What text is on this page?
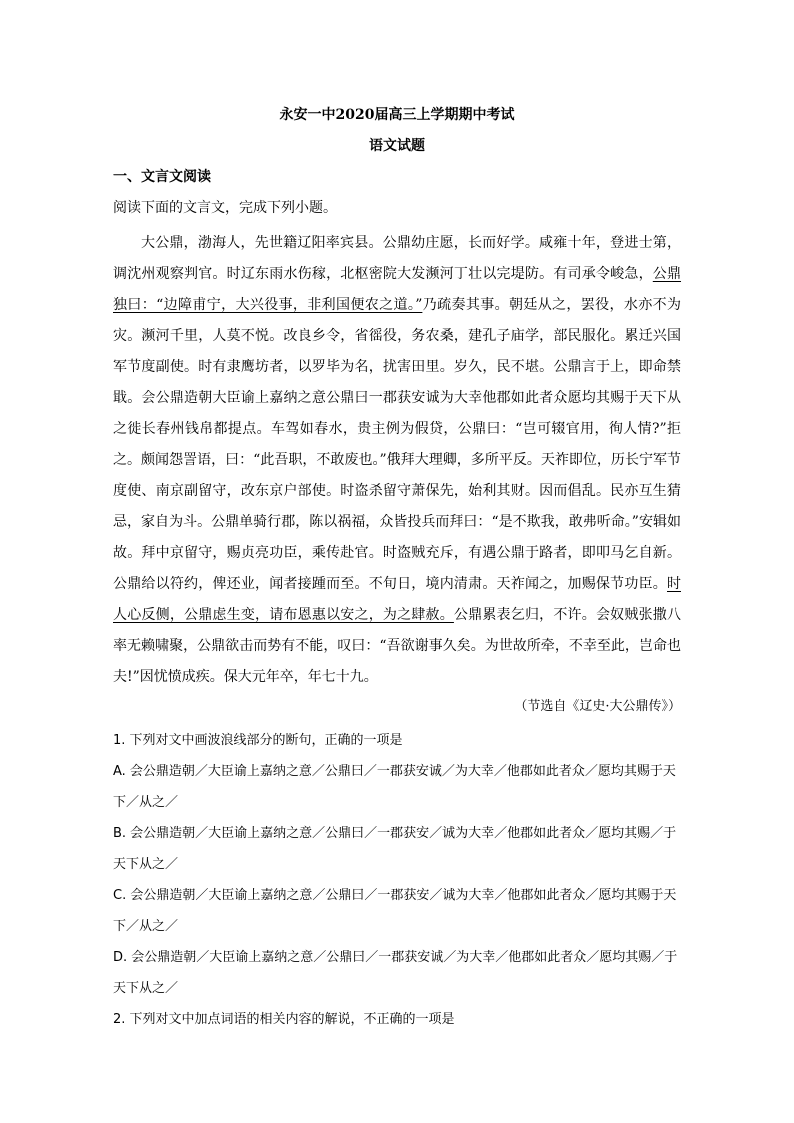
永安一中2020届高三上学期期中考试
语文试题
一、文言文阅读
阅读下面的文言文，完成下列小题。
大公鼎，渤海人，先世籍辽阳率宾县。公鼎幼庄愿，长而好学。咸雍十年，登进士第，调沈州观察判官。时辽东雨水伤稼，北枢密院大发濒河丁壮以完堤防。有司承令峻急，公鼎独曰：“边障甫宁，大兴役事，非利国便农之道。”乃疏奏其事。朝廷从之，罢役，水亦不为灾。濒河千里，人莫不悦。改良乡令，省徭役，务农桑，建孔子庙学，部民服化。累迁兴国军节度副使。时有隶鹰坊者，以罗毕为名，扰害田里。岁久，民不堪。公鼎言于上，即命禁戢。会公鼎造朝大臣谕上嘉纳之意公鼎曰一郡获安诚为大幸他郡如此者众愿均其赐于天下从之徙长春州钱帛都提点。车驾如春水，贵主例为假贷，公鼎曰：“岂可辍官用，徇人情?”拒之。颇闻怨詈语，曰：“此吾职，不敢废也。”俄拜大理卿，多所平反。天祚即位，历长宁军节度使、南京副留守，改东京户部使。时盗杀留守萧保先，始利其财。因而倡乱。民亦互生猜忌，家自为斗。公鼎单骑行郡，陈以祸福，众皆投兵而拜曰：“是不欺我，敢弗听命。”安辑如故。拜中京留守，赐贞亮功臣，乘传赴官。时盗贼充斥，有遇公鼎于路者，即叩马乞自新。公鼎给以符约，俾还业，闻者接踵而至。不旬日，境内清肃。天祚闻之，加赐保节功臣。时人心反侧，公鼎虑生变，请布恩惠以安之，为之肆赦。公鼎累表乞归，不许。会奴贼张撒八率无赖啸聚，公鼎欲击而势有不能，叹曰：“吾欲谢事久矣。为世故所牵，不幸至此，岂命也夫!”因忧愤成疾。保大元年卒，年七十九。
（节选自《辽史·大公鼎传》）
1. 下列对文中画波浪线部分的断句，正确的一项是
A. 会公鼎造朝／大臣谕上嘉纳之意／公鼎曰／一郡获安诚／为大幸／他郡如此者众／愿均其赐于天下／从之／
B. 会公鼎造朝／大臣谕上嘉纳之意／公鼎曰／一郡获安／诚为大幸／他郡如此者众／愿均其赐／于天下从之／
C. 会公鼎造朝／大臣谕上嘉纳之意／公鼎曰／一郡获安／诚为大幸／他郡如此者众／愿均其赐于天下／从之／
D. 会公鼎造朝／大臣谕上嘉纳之意／公鼎曰／一郡获安诚／为大幸／他郡如此者众／愿均其赐／于天下从之／
2. 下列对文中加点词语的相关内容的解说，不正确的一项是
